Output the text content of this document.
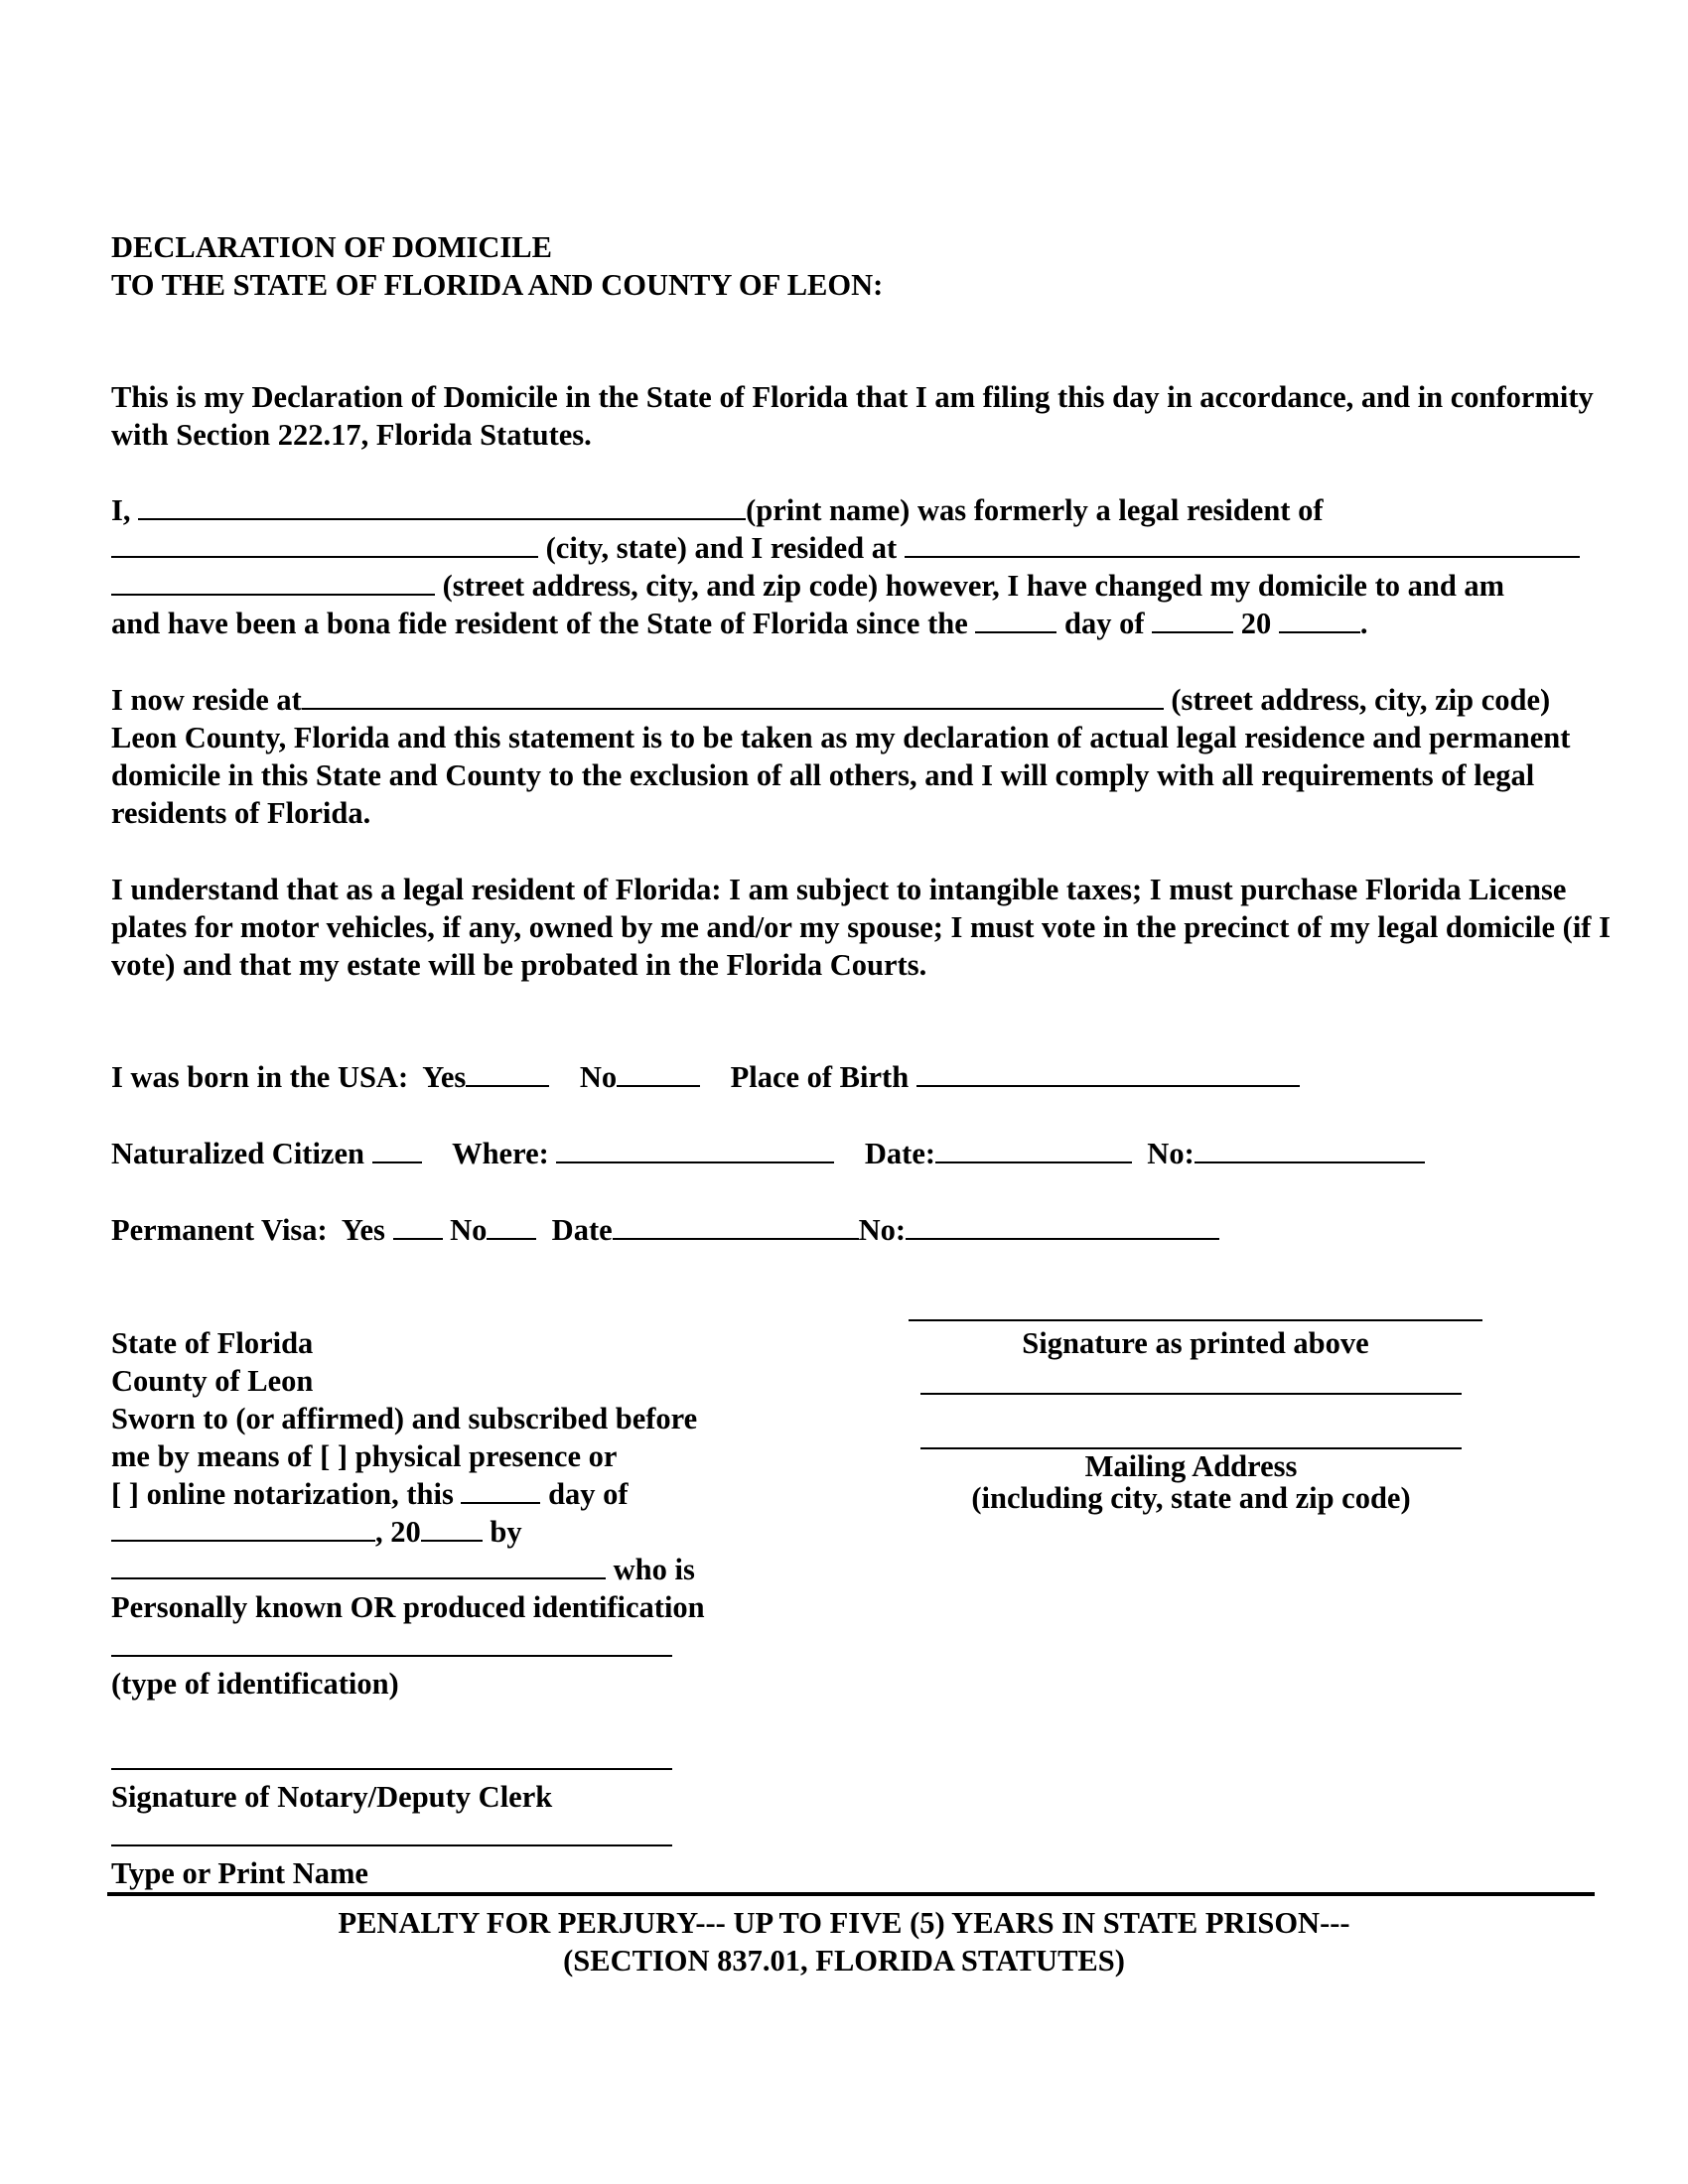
DECLARATION OF DOMICILE
TO THE STATE OF FLORIDA AND COUNTY OF LEON:
This is my Declaration of Domicile in the State of Florida that I am filing this day in accordance, and in conformity with Section 222.17, Florida Statutes.
I,	(print name) was formerly a legal resident of
(city, state) and I resided at
(street address, city, and zip code) however, I have changed my domicile to and am
and have been a bona fide resident of the State of Florida since the	day of	20	.
I now reside at	(street address, city, zip code)
Leon County, Florida and this statement is to be taken as my declaration of actual legal residence and permanent domicile in this State and County to the exclusion of all others, and I will comply with all requirements of legal residents of Florida.
I understand that as a legal resident of Florida: I am subject to intangible taxes; I must purchase Florida License plates for motor vehicles, if any, owned by me and/or my spouse; I must vote in the precinct of my legal domicile (if I vote) and that my estate will be probated in the Florida Courts.
I was born in the USA: Yes	No	Place of Birth
Naturalized Citizen	Where:	Date:	No:
Permanent Visa: Yes No Date	No:
Signature as printed above
Mailing Address
(including city, state and zip code)
State of Florida
County of Leon
Sworn to (or affirmed) and subscribed before
me by means of [ ] physical presence or
[ ] online notarization, this	day of
, 20 by
who is
Personally known OR produced identification
(type of identification)
Signature of Notary/Deputy Clerk
Type or Print Name
PENALTY FOR PERJURY--- UP TO FIVE (5) YEARS IN STATE PRISON---
(SECTION 837.01, FLORIDA STATUTES)
